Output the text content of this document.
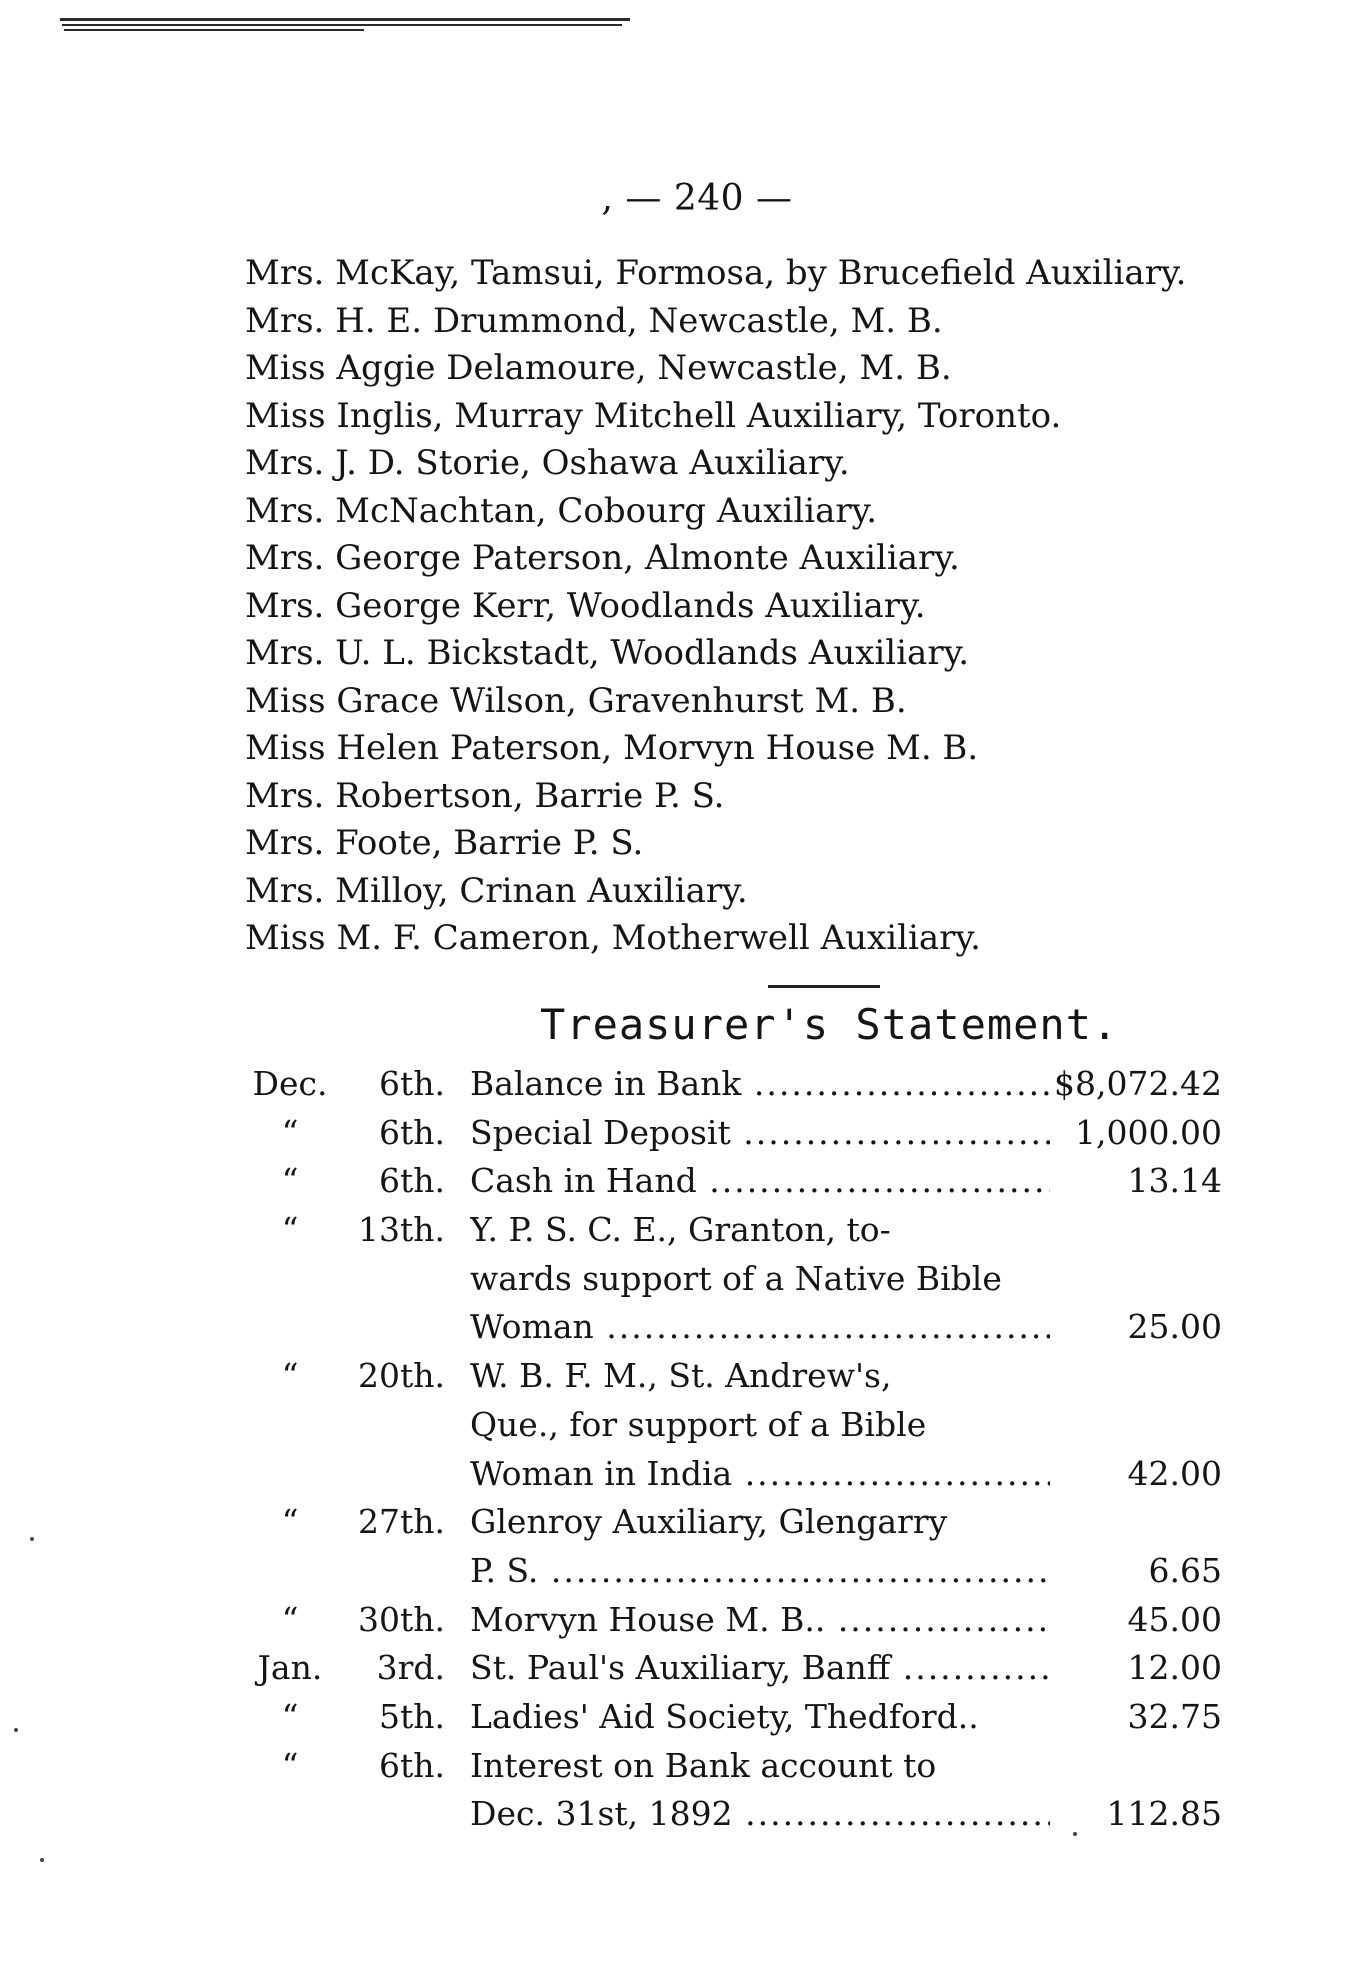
, — 240 —
Mrs. McKay, Tamsui, Formosa, by Brucefield Auxiliary.
Mrs. H. E. Drummond, Newcastle, M. B.
Miss Aggie Delamoure, Newcastle, M. B.
Miss Inglis, Murray Mitchell Auxiliary, Toronto.
Mrs. J. D. Storie, Oshawa Auxiliary.
Mrs. McNachtan, Cobourg Auxiliary.
Mrs. George Paterson, Almonte Auxiliary.
Mrs. George Kerr, Woodlands Auxiliary.
Mrs. U. L. Bickstadt, Woodlands Auxiliary.
Miss Grace Wilson, Gravenhurst M. B.
Miss Helen Paterson, Morvyn House M. B.
Mrs. Robertson, Barrie P. S.
Mrs. Foote, Barrie P. S.
Mrs. Milloy, Crinan Auxiliary.
Miss M. F. Cameron, Motherwell Auxiliary.
Treasurer's Statement.
Dec.	6th. Balance in Bank .....	$8,072.42
“	6th. Special Deposit .....	1,000.00
“	6th. Cash in Hand .....	13.14
“	13th. Y. P. S. C. E., Granton, to-
wards support of a Native Bible
Woman .....	25.00
“	20th. W. B. F. M., St. Andrew's,
Que., for support of a Bible
Woman in India .....	42.00
“	27th. Glenroy Auxiliary, Glengarry
P. S. .....	6.65
“	30th. Morvyn House M. B.. .....	45.00
Jan.	3rd. St. Paul's Auxiliary, Banff .....	12.00
“	5th. Ladies' Aid Society, Thedford..	32.75
“	6th. Interest on Bank account to
Dec. 31st, 1892 .....	112.85
